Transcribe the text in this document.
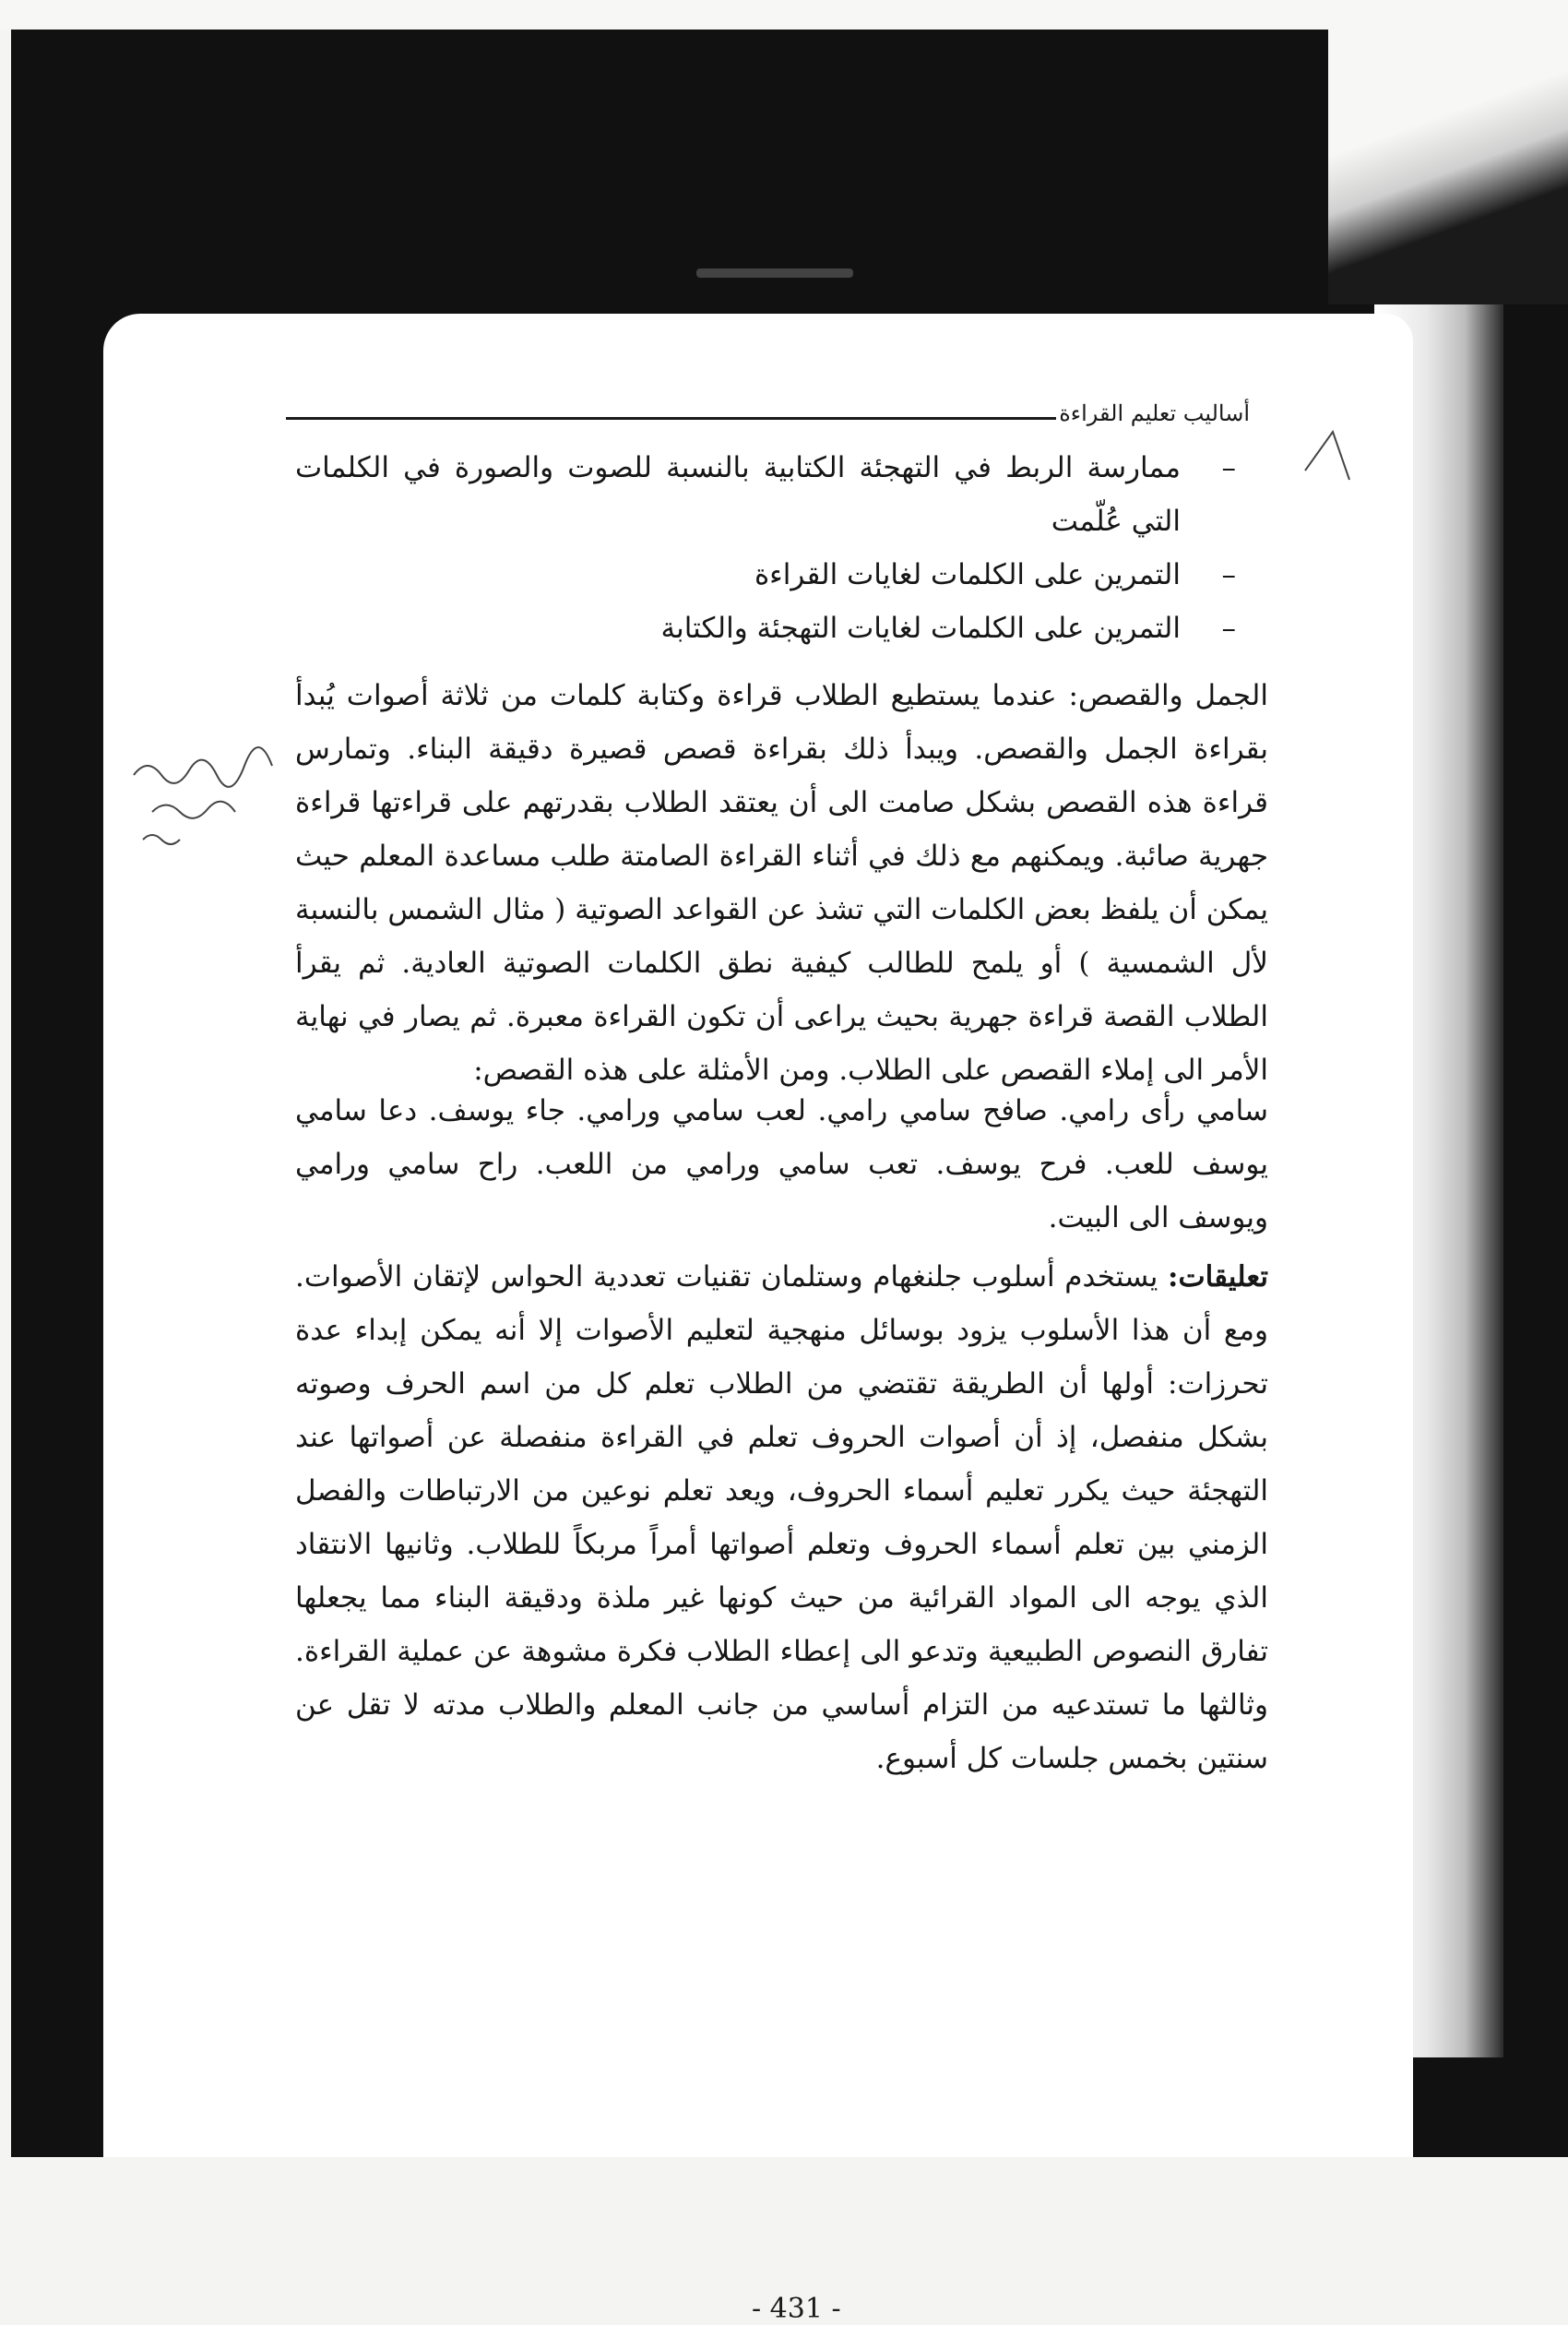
أساليب تعليم القراءة
–
ممارسة الربط في التهجئة الكتابية بالنسبة للصوت والصورة في الكلمات التي عُلّمت
–
التمرين على الكلمات لغايات القراءة
–
التمرين على الكلمات لغايات التهجئة والكتابة
الجمل والقصص: عندما يستطيع الطلاب قراءة وكتابة كلمات من ثلاثة أصوات يُبدأ بقراءة الجمل والقصص. ويبدأ ذلك بقراءة قصص قصيرة دقيقة البناء. وتمارس قراءة هذه القصص بشكل صامت الى أن يعتقد الطلاب بقدرتهم على قراءتها قراءة جهرية صائبة. ويمكنهم مع ذلك في أثناء القراءة الصامتة طلب مساعدة المعلم حيث يمكن أن يلفظ بعض الكلمات التي تشذ عن القواعد الصوتية ( مثال الشمس بالنسبة لأل الشمسية ) أو يلمح للطالب كيفية نطق الكلمات الصوتية العادية. ثم يقرأ الطلاب القصة قراءة جهرية بحيث يراعى أن تكون القراءة معبرة. ثم يصار في نهاية الأمر الى إملاء القصص على الطلاب. ومن الأمثلة على هذه القصص:

سامي رأى رامي. صافح سامي رامي. لعب سامي ورامي. جاء يوسف. دعا سامي يوسف للعب. فرح يوسف. تعب سامي ورامي من اللعب. راح سامي ورامي ويوسف الى البيت.

تعليقات: يستخدم أسلوب جلنغهام وستلمان تقنيات تعددية الحواس لإتقان الأصوات. ومع أن هذا الأسلوب يزود بوسائل منهجية لتعليم الأصوات إلا أنه يمكن إبداء عدة تحرزات: أولها أن الطريقة تقتضي من الطلاب تعلم كل من اسم الحرف وصوته بشكل منفصل، إذ أن أصوات الحروف تعلم في القراءة منفصلة عن أصواتها عند التهجئة حيث يكرر تعليم أسماء الحروف، ويعد تعلم نوعين من الارتباطات والفصل الزمني بين تعلم أسماء الحروف وتعلم أصواتها أمراً مربكاً للطلاب. وثانيها الانتقاد الذي يوجه الى المواد القرائية من حيث كونها غير ملذة ودقيقة البناء مما يجعلها تفارق النصوص الطبيعية وتدعو الى إعطاء الطلاب فكرة مشوهة عن عملية القراءة. وثالثها ما تستدعيه من التزام أساسي من جانب المعلم والطلاب مدته لا تقل عن سنتين بخمس جلسات كل أسبوع.
- 431 -
